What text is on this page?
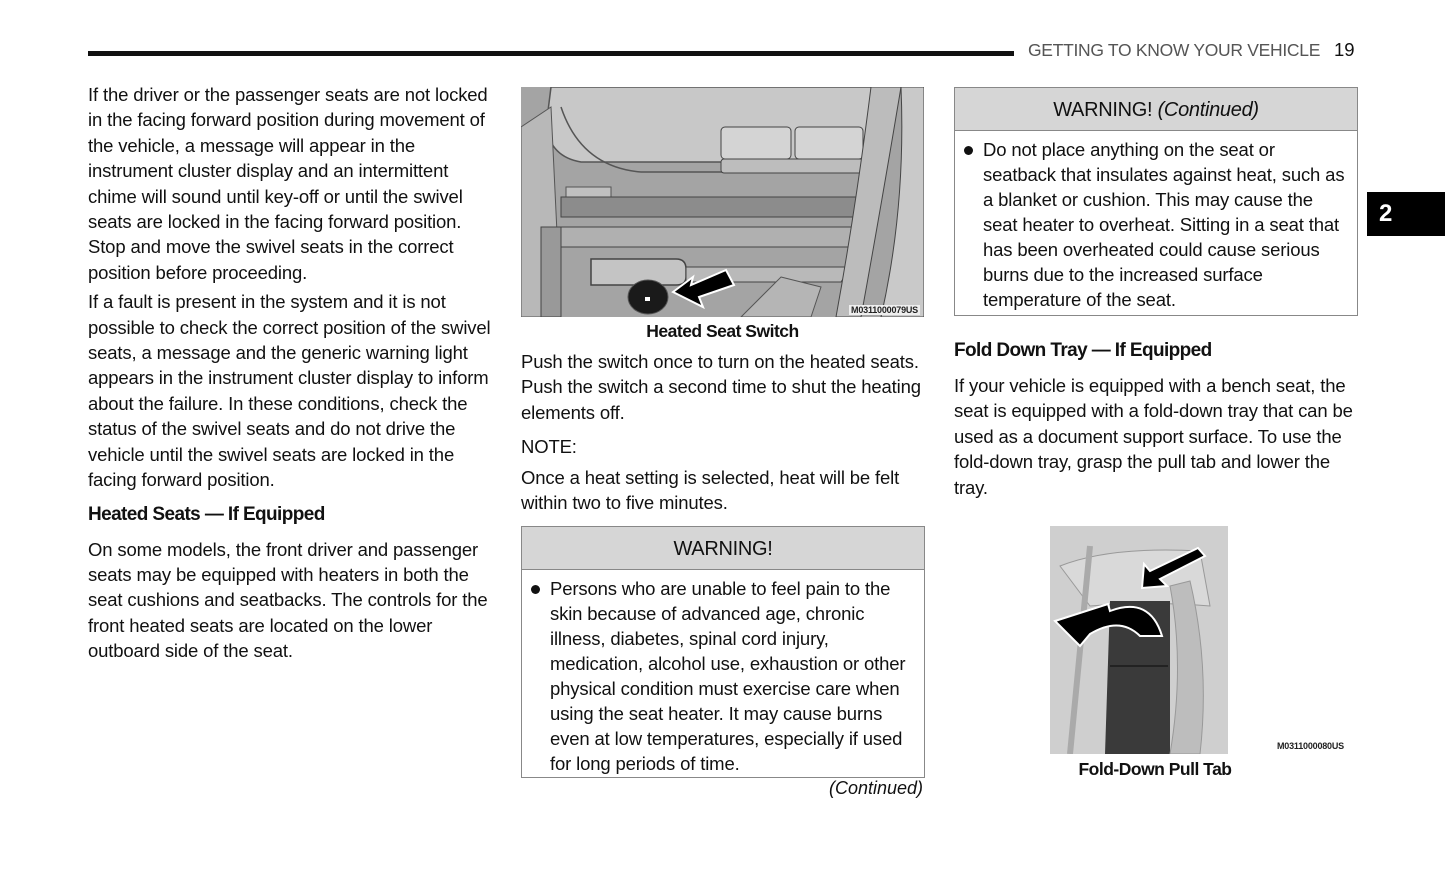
GETTING TO KNOW YOUR VEHICLE 19
2

If the driver or the passenger seats are not locked in the facing forward position during movement of the vehicle, a message will appear in the instrument cluster display and an intermittent chime will sound until key-off or until the swivel seats are locked in the facing forward position. Stop and move the swivel seats in the correct position before proceeding.

If a fault is present in the system and it is not possible to check the correct position of the swivel seats, a message and the generic warning light appears in the instrument cluster display to inform about the failure. In these conditions, check the status of the swivel seats and do not drive the vehicle until the swivel seats are locked in the facing forward position.

Heated Seats — If Equipped

On some models, the front driver and passenger seats may be equipped with heaters in both the seat cushions and seatbacks. The controls for the front heated seats are located on the lower outboard side of the seat.

M0311000079US
Heated Seat Switch

Push the switch once to turn on the heated seats. Push the switch a second time to shut the heating elements off.

NOTE:

Once a heat setting is selected, heat will be felt within two to five minutes.

WARNING!
Persons who are unable to feel pain to the skin because of advanced age, chronic illness, diabetes, spinal cord injury, medication, alcohol use, exhaustion or other physical condition must exercise care when using the seat heater. It may cause burns even at low temperatures, especially if used for long periods of time.
(Continued)
WARNING! (Continued)
Do not place anything on the seat or seatback that insulates against heat, such as a blanket or cushion. This may cause the seat heater to overheat. Sitting in a seat that has been overheated could cause serious burns due to the increased surface temperature of the seat.
Fold Down Tray — If Equipped

If your vehicle is equipped with a bench seat, the seat is equipped with a fold-down tray that can be used as a document support surface. To use the fold-down tray, grasp the pull tab and lower the tray.

M0311000080US
Fold-Down Pull Tab
